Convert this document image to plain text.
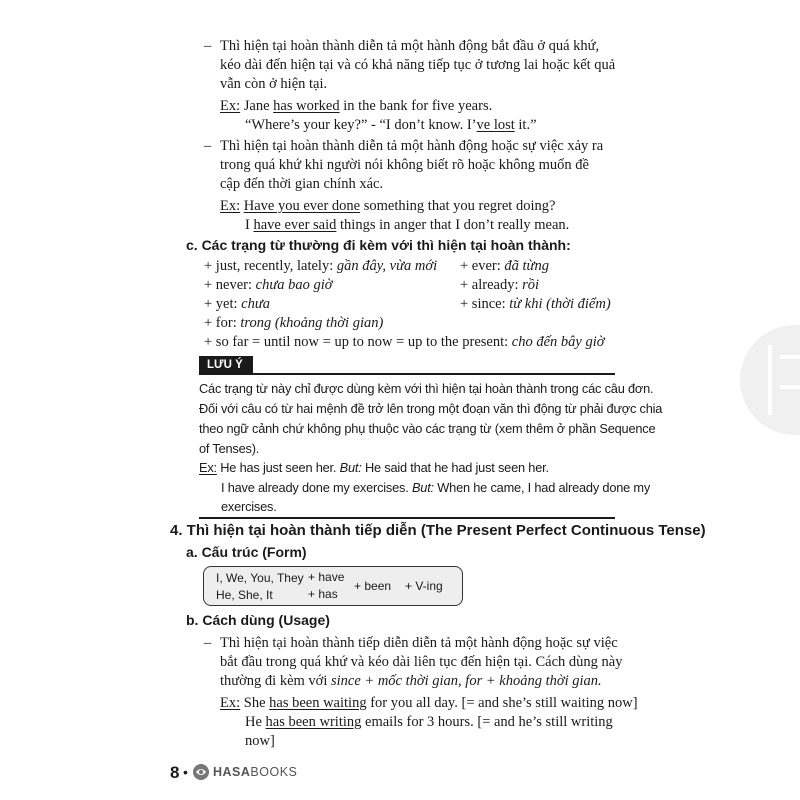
– Thì hiện tại hoàn thành diễn tả một hành động bắt đầu ở quá khứ,
kéo dài đến hiện tại và có khả năng tiếp tục ở tương lai hoặc kết quả
vẫn còn ở hiện tại.
Ex: Jane has worked in the bank for five years.
“Where’s your key?” - “I don’t know. I’ve lost it.”
– Thì hiện tại hoàn thành diễn tả một hành động hoặc sự việc xảy ra
trong quá khứ khi người nói không biết rõ hoặc không muốn đề
cập đến thời gian chính xác.
Ex: Have you ever done something that you regret doing?
I have ever said things in anger that I don’t really mean.
c. Các trạng từ thường đi kèm với thì hiện tại hoàn thành:
+ just, recently, lately: gần đây, vừa mới + ever: đã từng
+ never: chưa bao giờ	+ already: rồi
+ yet: chưa	+ since: từ khi (thời điểm)
+ for: trong (khoảng thời gian)
+ so far = until now = up to now = up to the present: cho đến bây giờ
LƯU Ý
Các trạng từ này chỉ được dùng kèm với thì hiện tại hoàn thành trong các câu đơn.
Đối với câu có từ hai mệnh đề trở lên trong một đoạn văn thì động từ phải được chia
theo ngữ cảnh chứ không phụ thuộc vào các trạng từ (xem thêm ở phần Sequence
of Tenses).
Ex: He has just seen her. But: He said that he had just seen her.
I have already done my exercises. But: When he came, I had already done my
exercises.
4. Thì hiện tại hoàn thành tiếp diễn (The Present Perfect Continuous Tense)
a. Cấu trúc (Form)
I, We, You, They
He, She, It
+ have
+ has
+ been + V-ing
b. Cách dùng (Usage)
– Thì hiện tại hoàn thành tiếp diễn diễn tả một hành động hoặc sự việc
bắt đầu trong quá khứ và kéo dài liên tục đến hiện tại. Cách dùng này
thường đi kèm với since + mốc thời gian, for + khoảng thời gian.
Ex: She has been waiting for you all day. [= and she’s still waiting now]
He has been writing emails for 3 hours. [= and he’s still writing
now]
8 • HASABOOKS
